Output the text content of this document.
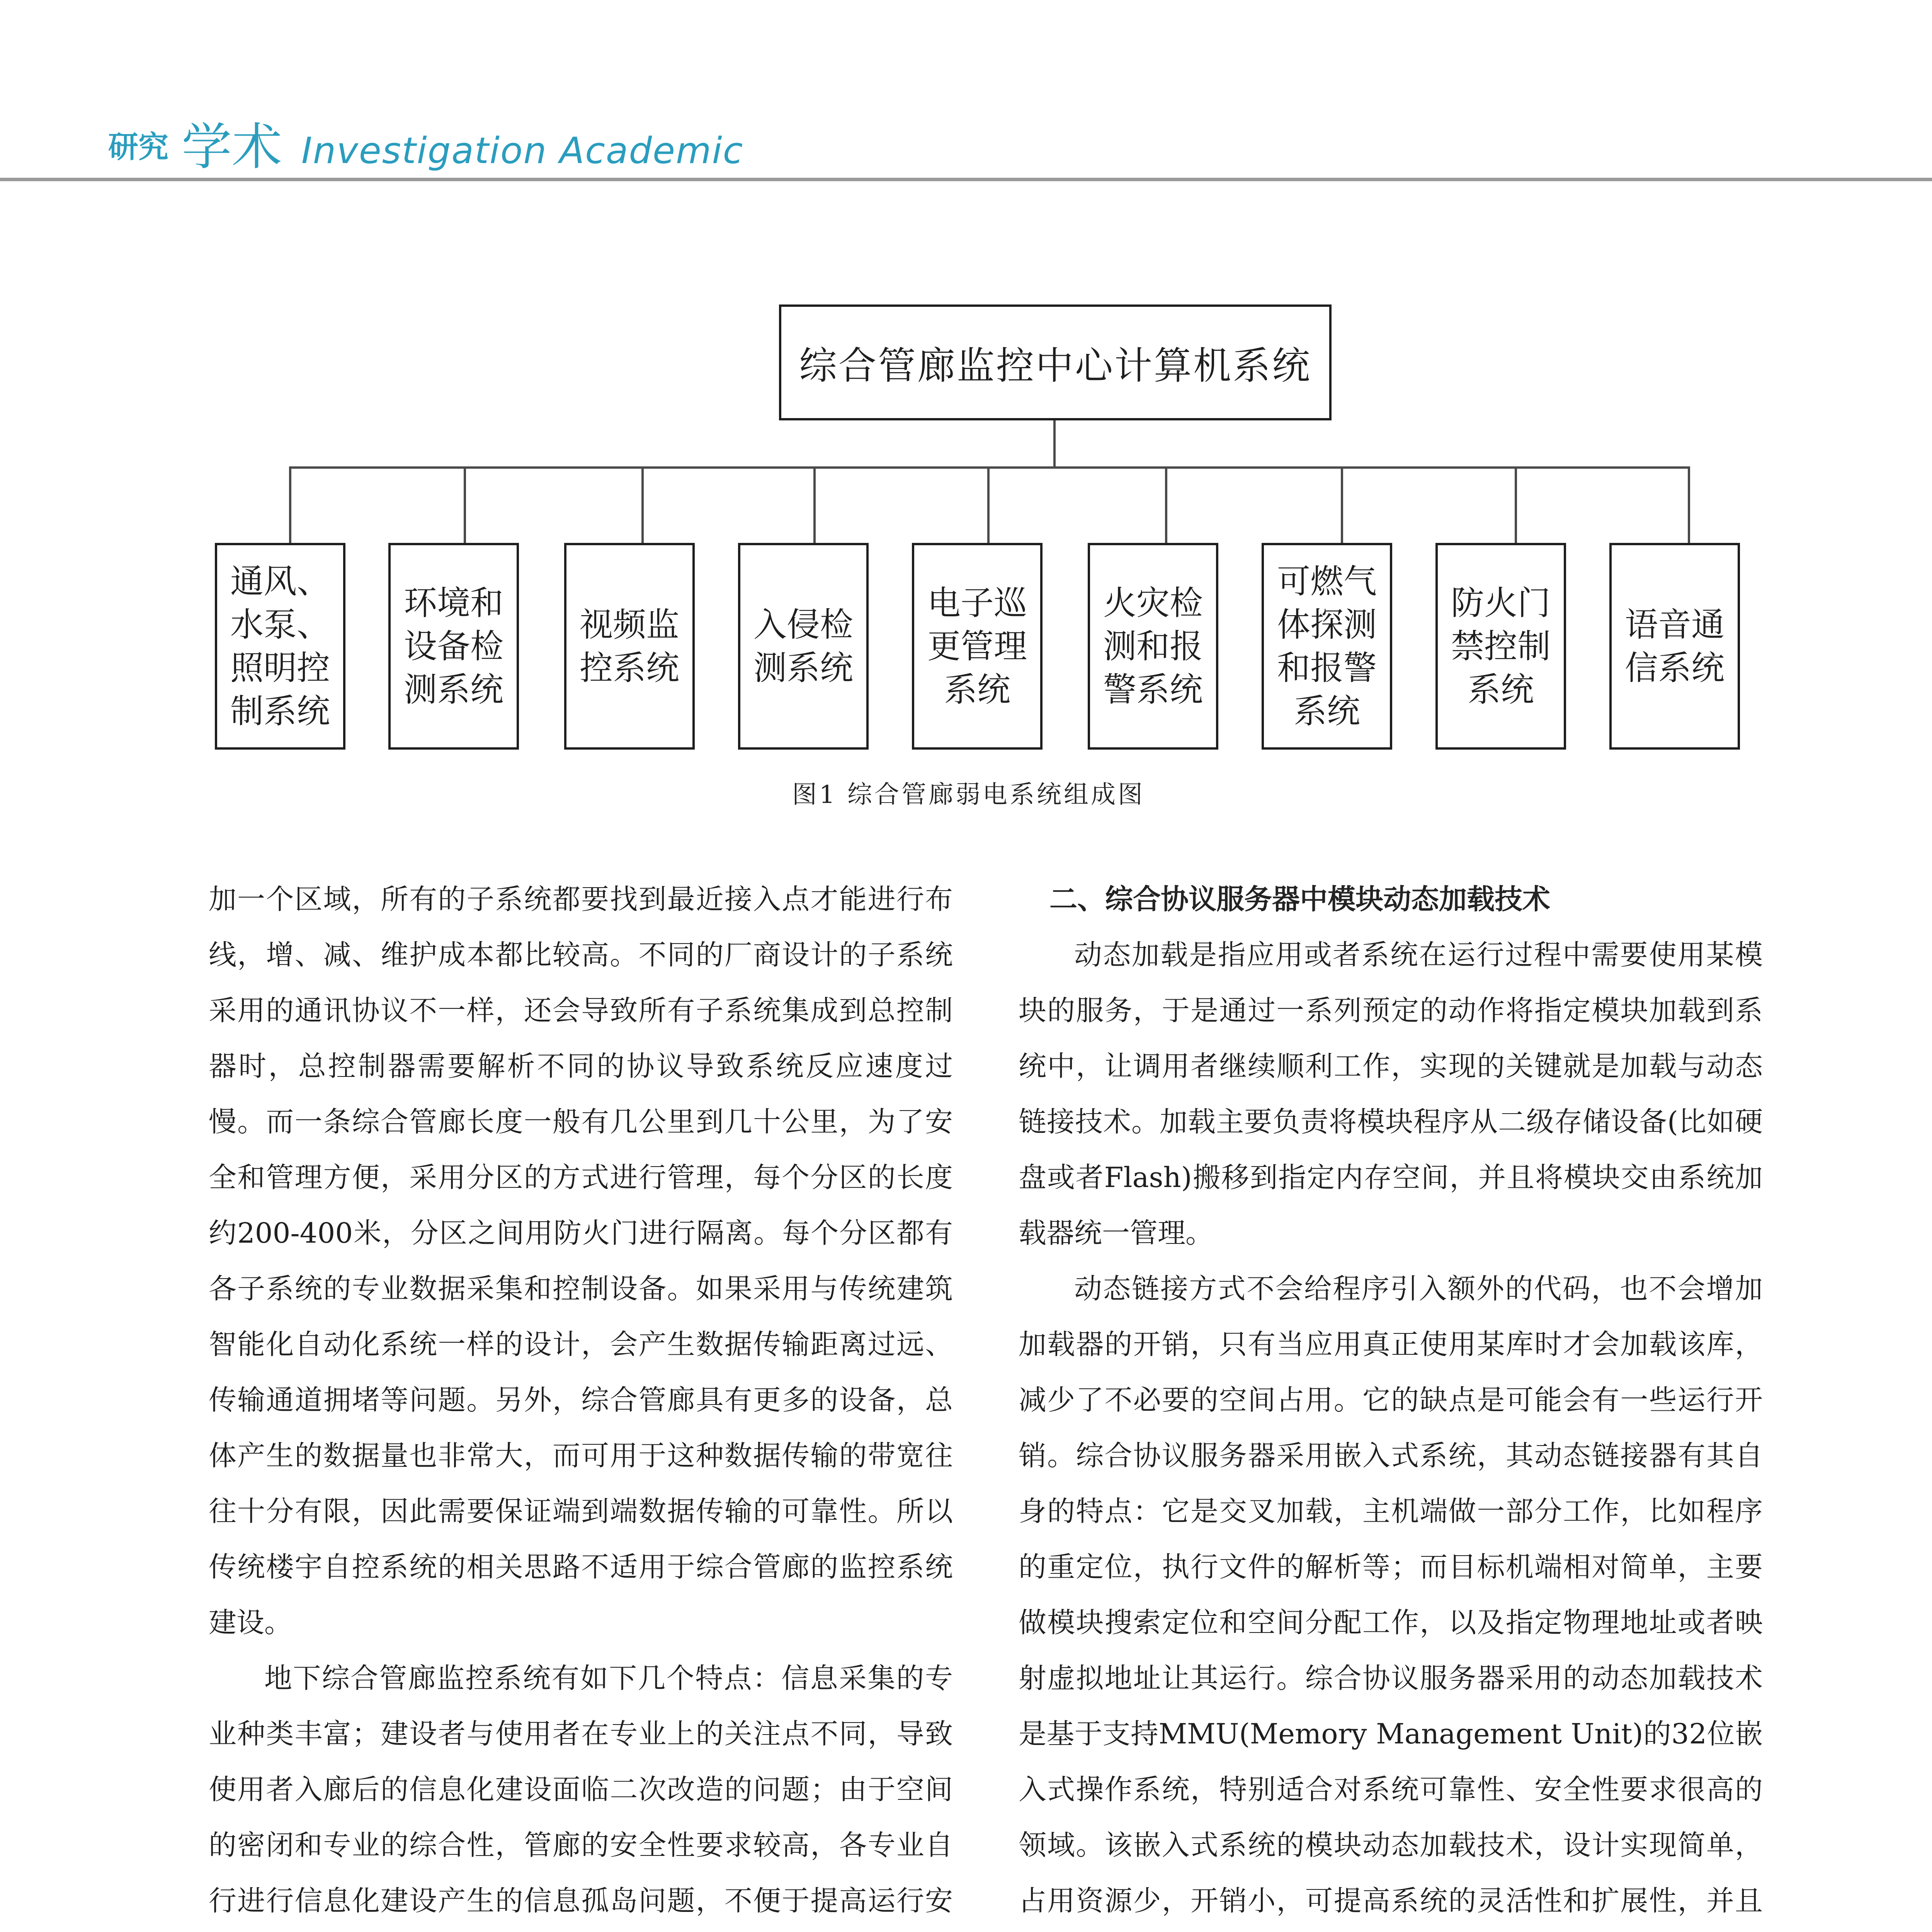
研究 学术 Investigation Academic
综合管廊监控中心计算机系统
通风、水泵、照明控制系统
环境和设备检测系统
视频监控系统
入侵检测系统
电子巡更管理系统
火灾检测和报警系统
可燃气体探测和报警系统
防火门禁控制系统
语音通信系统
图1 综合管廊弱电系统组成图

加一个区域，所有的子系统都要找到最近接入点才能进行布线，增、减、维护成本都比较高。不同的厂商设计的子系统采用的通讯协议不一样，还会导致所有子系统集成到总控制器时，总控制器需要解析不同的协议导致系统反应速度过慢。而一条综合管廊长度一般有几公里到几十公里，为了安全和管理方便，采用分区的方式进行管理，每个分区的长度约200-400米，分区之间用防火门进行隔离。每个分区都有各子系统的专业数据采集和控制设备。如果采用与传统建筑智能化自动化系统一样的设计，会产生数据传输距离过远、传输通道拥堵等问题。另外，综合管廊具有更多的设备，总体产生的数据量也非常大，而可用于这种数据传输的带宽往往十分有限，因此需要保证端到端数据传输的可靠性。所以传统楼宇自控系统的相关思路不适用于综合管廊的监控系统建设。

地下综合管廊监控系统有如下几个特点：信息采集的专业种类丰富；建设者与使用者在专业上的关注点不同，导致使用者入廊后的信息化建设面临二次改造的问题；由于空间的密闭和专业的综合性，管廊的安全性要求较高，各专业自行进行信息化建设产生的信息孤岛问题，不便于提高运行安

二、综合协议服务器中模块动态加载技术

动态加载是指应用或者系统在运行过程中需要使用某模块的服务，于是通过一系列预定的动作将指定模块加载到系统中，让调用者继续顺利工作，实现的关键就是加载与动态链接技术。加载主要负责将模块程序从二级存储设备(比如硬盘或者Flash)搬移到指定内存空间，并且将模块交由系统加载器统一管理。

动态链接方式不会给程序引入额外的代码，也不会增加加载器的开销，只有当应用真正使用某库时才会加载该库，减少了不必要的空间占用。它的缺点是可能会有一些运行开销。综合协议服务器采用嵌入式系统，其动态链接器有其自身的特点：它是交叉加载，主机端做一部分工作，比如程序的重定位，执行文件的解析等；而目标机端相对简单，主要做模块搜索定位和空间分配工作，以及指定物理地址或者映射虚拟地址让其运行。综合协议服务器采用的动态加载技术是基于支持MMU(Memory Management Unit)的32位嵌入式操作系统，特别适合对系统可靠性、安全性要求很高的领域。该嵌入式系统的模块动态加载技术，设计实现简单，占用资源少，开销小，可提高系统的灵活性和扩展性，并且
